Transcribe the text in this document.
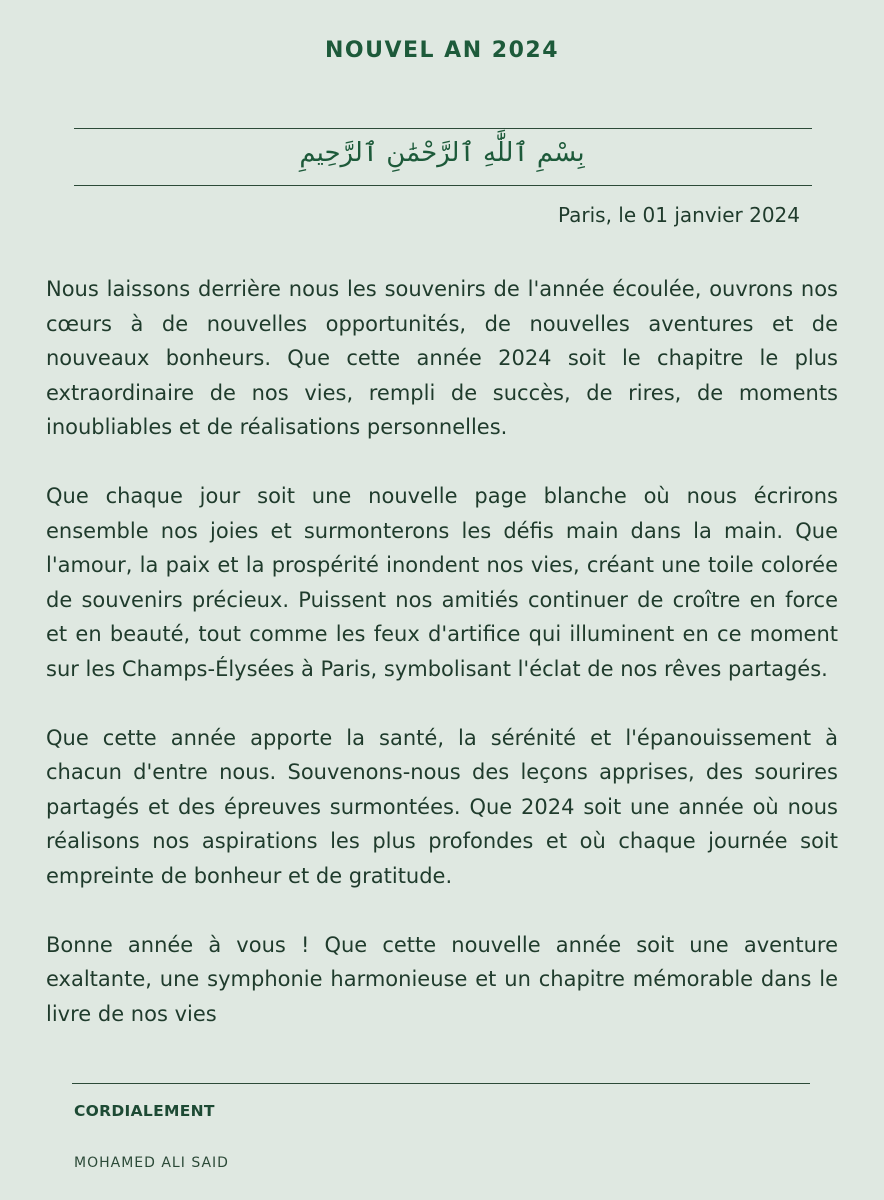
NOUVEL AN 2024
بِسْمِ ٱللَّٰهِ ٱلرَّحْمَٰنِ ٱلرَّحِيمِ
Paris, le 01 janvier 2024

Nous laissons derrière nous les souvenirs de l'année écoulée, ouvrons nos cœurs à de nouvelles opportunités, de nouvelles aventures et de nouveaux bonheurs. Que cette année 2024 soit le chapitre le plus extraordinaire de nos vies, rempli de succès, de rires, de moments inoubliables et de réalisations personnelles.

Que chaque jour soit une nouvelle page blanche où nous écrirons ensemble nos joies et surmonterons les défis main dans la main. Que l'amour, la paix et la prospérité inondent nos vies, créant une toile colorée de souvenirs précieux. Puissent nos amitiés continuer de croître en force et en beauté, tout comme les feux d'artifice qui illuminent en ce moment sur les Champs-Élysées à Paris, symbolisant l'éclat de nos rêves partagés.

Que cette année apporte la santé, la sérénité et l'épanouissement à chacun d'entre nous. Souvenons-nous des leçons apprises, des sourires partagés et des épreuves surmontées. Que 2024 soit une année où nous réalisons nos aspirations les plus profondes et où chaque journée soit empreinte de bonheur et de gratitude.

Bonne année à vous ! Que cette nouvelle année soit une aventure exaltante, une symphonie harmonieuse et un chapitre mémorable dans le livre de nos vies

CORDIALEMENT
MOHAMED ALI SAID
